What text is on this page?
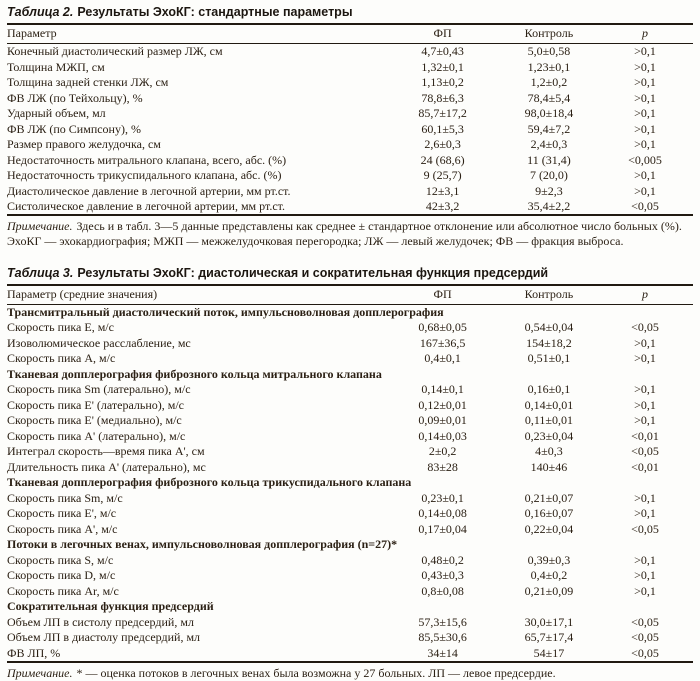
Таблица 2. Результаты ЭхоКГ: стандартные параметры
Параметр	ФП	Контроль	p
Конечный диастолический размер ЛЖ, см	4,7±0,43	5,0±0,58	>0,1
Толщина МЖП, см	1,32±0,1	1,23±0,1	>0,1
Толщина задней стенки ЛЖ, см	1,13±0,2	1,2±0,2	>0,1
ФВ ЛЖ (по Тейхольцу), %	78,8±6,3	78,4±5,4	>0,1
Ударный объем, мл	85,7±17,2	98,0±18,4	>0,1
ФВ ЛЖ (по Симпсону), %	60,1±5,3	59,4±7,2	>0,1
Размер правого желудочка, см	2,6±0,3	2,4±0,3	>0,1
Недостаточность митрального клапана, всего, абс. (%)	24 (68,6)	11 (31,4)	<0,005
Недостаточность трикуспидального клапана, абс. (%)	9 (25,7)	7 (20,0)	>0,1
Диастолическое давление в легочной артерии, мм рт.ст.	12±3,1	9±2,3	>0,1
Систолическое давление в легочной артерии, мм рт.ст.	42±3,2	35,4±2,2	<0,05

Примечание. Здесь и в табл. 3—5 данные представлены как среднее ± стандартное отклонение или абсолютное число больных (%). ЭхоКГ — эхокардиография; МЖП — межжелудочковая перегородка; ЛЖ — левый желудочек; ФВ — фракция выброса.

Таблица 3. Результаты ЭхоКГ: диастолическая и сократительная функция предсердий
Параметр (средние значения)	ФП	Контроль	p
Трансмитральный диастолический поток, импульсноволновая допплерография			
Скорость пика Е, м/с	0,68±0,05	0,54±0,04	<0,05
Изоволюмическое расслабление, мс	167±36,5	154±18,2	>0,1
Скорость пика А, м/с	0,4±0,1	0,51±0,1	>0,1
Тканевая допплерография фиброзного кольца митрального клапана			
Скорость пика Sm (латерально), м/с	0,14±0,1	0,16±0,1	>0,1
Скорость пика Е' (латерально), м/с	0,12±0,01	0,14±0,01	>0,1
Скорость пика Е' (медиально), м/с	0,09±0,01	0,11±0,01	>0,1
Скорость пика А' (латерально), м/с	0,14±0,03	0,23±0,04	<0,01
Интеграл скорость—время пика А', см	2±0,2	4±0,3	<0,05
Длительность пика А' (латерально), мс	83±28	140±46	<0,01
Тканевая допплерография фиброзного кольца трикуспидального клапана			
Скорость пика Sm, м/с	0,23±0,1	0,21±0,07	>0,1
Скорость пика Е', м/с	0,14±0,08	0,16±0,07	>0,1
Скорость пика А', м/с	0,17±0,04	0,22±0,04	<0,05
Потоки в легочных венах, импульсноволновая допплерография (n=27)*			
Скорость пика S, м/с	0,48±0,2	0,39±0,3	>0,1
Скорость пика D, м/с	0,43±0,3	0,4±0,2	>0,1
Скорость пика Ar, м/с	0,8±0,08	0,21±0,09	>0,1
Сократительная функция предсердий			
Объем ЛП в систолу предсердий, мл	57,3±15,6	30,0±17,1	<0,05
Объем ЛП в диастолу предсердий, мл	85,5±30,6	65,7±17,4	<0,05
ФВ ЛП, %	34±14	54±17	<0,05

Примечание. * — оценка потоков в легочных венах была возможна у 27 больных. ЛП — левое предсердие.
